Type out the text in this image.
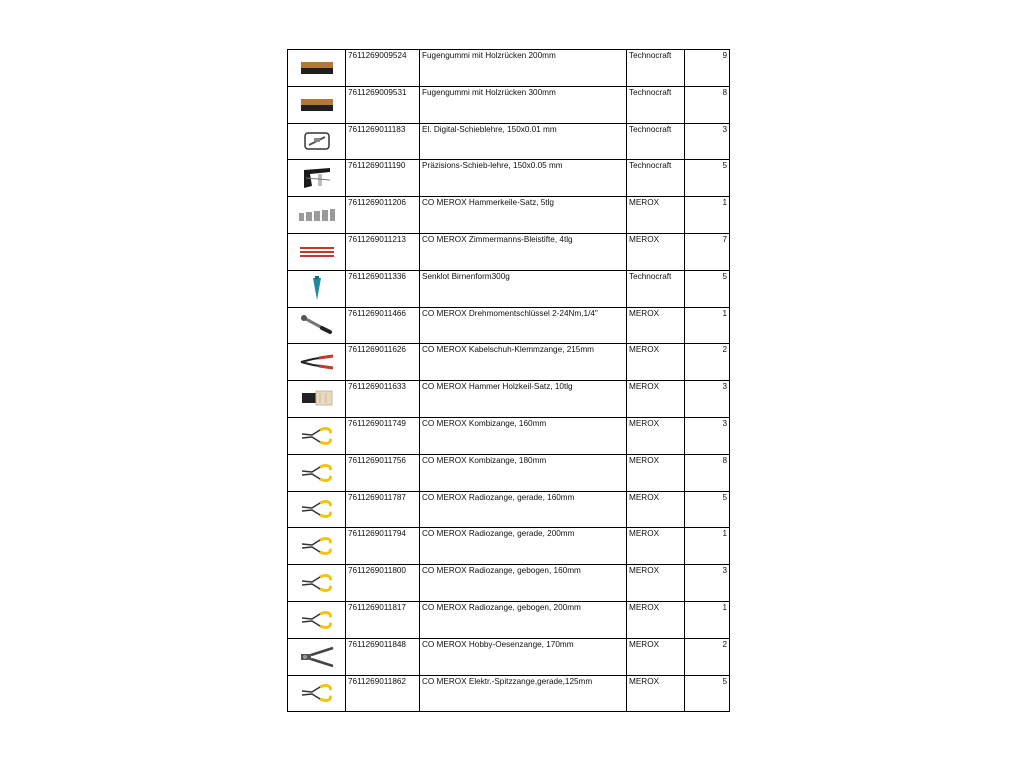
	7611269009524	Fugengummi mit Holzrücken 200mm	Technocraft	9

	7611269009531	Fugengummi mit Holzrücken 300mm	Technocraft	8

	7611269011183	El. Digital-Schieblehre, 150x0.01 mm	Technocraft	3

	7611269011190	Präzisions-Schieb-lehre, 150x0.05 mm	Technocraft	5

	7611269011206	CO MEROX Hammerkeile-Satz, 5tlg	MEROX	1

	7611269011213	CO MEROX Zimmermanns-Bleistifte, 4tlg	MEROX	7

	7611269011336	Senklot Birnenform300g	Technocraft	5

	7611269011466	CO MEROX Drehmomentschlüssel 2-24Nm,1/4"	MEROX	1

	7611269011626	CO MEROX Kabelschuh-Klemmzange, 215mm	MEROX	2

	7611269011633	CO MEROX Hammer Holzkeil-Satz, 10tlg	MEROX	3

	7611269011749	CO MEROX Kombizange, 160mm	MEROX	3

	7611269011756	CO MEROX Kombizange, 180mm	MEROX	8

	7611269011787	CO MEROX Radiozange, gerade, 160mm	MEROX	5

	7611269011794	CO MEROX Radiozange, gerade, 200mm	MEROX	1

	7611269011800	CO MEROX Radiozange, gebogen, 160mm	MEROX	3

	7611269011817	CO MEROX Radiozange, gebogen, 200mm	MEROX	1

	7611269011848	CO MEROX Hobby-Oesenzange, 170mm	MEROX	2

	7611269011862	CO MEROX Elektr.-Spitzzange,gerade,125mm	MEROX	5
